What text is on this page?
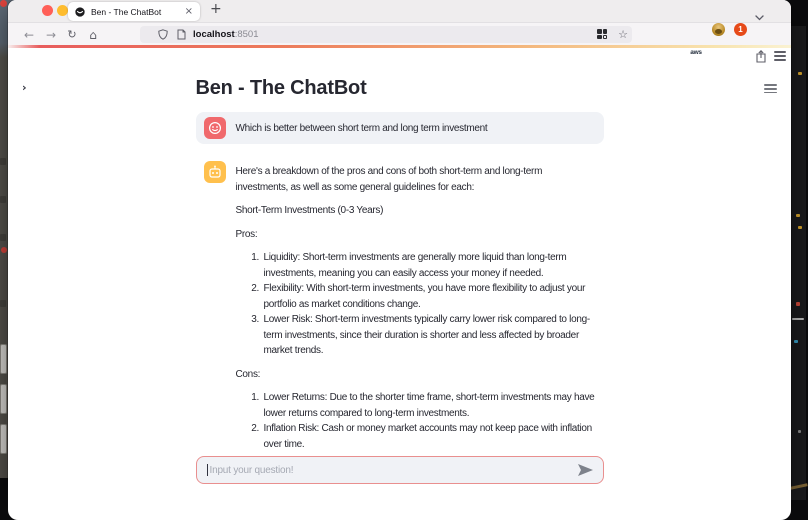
Ben - The ChatBot	× +
← →	↻	⌂	localhost :8501	☆
aws
1
›	Ben - The ChatBot
Which is better between short term and long term investment

Here's a breakdown of the pros and cons of both short-term and long-term investments, as well as some general guidelines for each:

Short-Term Investments (0-3 Years)

Pros:

1. Liquidity: Short-term investments are generally more liquid than long-term investments, meaning you can easily access your money if needed.
2. Flexibility: With short-term investments, you have more flexibility to adjust your portfolio as market conditions change.
3. Lower Risk: Short-term investments typically carry lower risk compared to long-term investments, since their duration is shorter and less affected by broader market trends.

Cons:

1. Lower Returns: Due to the shorter time frame, short-term investments may have lower returns compared to long-term investments.
2. Inflation Risk: Cash or money market accounts may not keep pace with inflation over time.
Input your question!
